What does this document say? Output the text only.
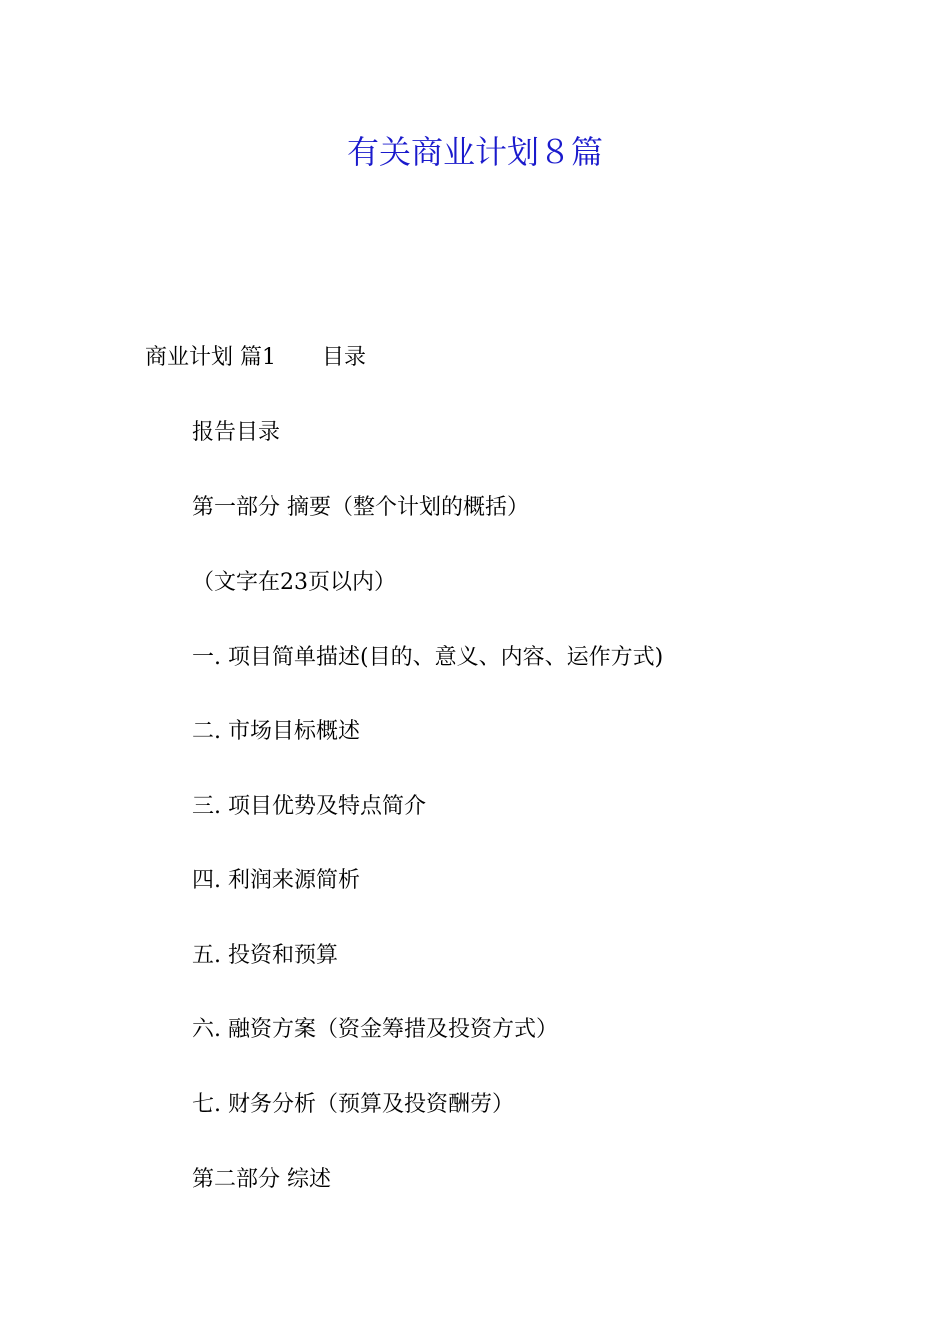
有关商业计划８篇

商业计划 篇1 目录

报告目录

第一部分 摘要（整个计划的概括）

（文字在23页以内）

一. 项目简单描述(目的、意义、内容、运作方式)

二. 市场目标概述

三. 项目优势及特点简介

四. 利润来源简析

五. 投资和预算

六. 融资方案（资金筹措及投资方式）

七. 财务分析（预算及投资酬劳）

第二部分 综述
